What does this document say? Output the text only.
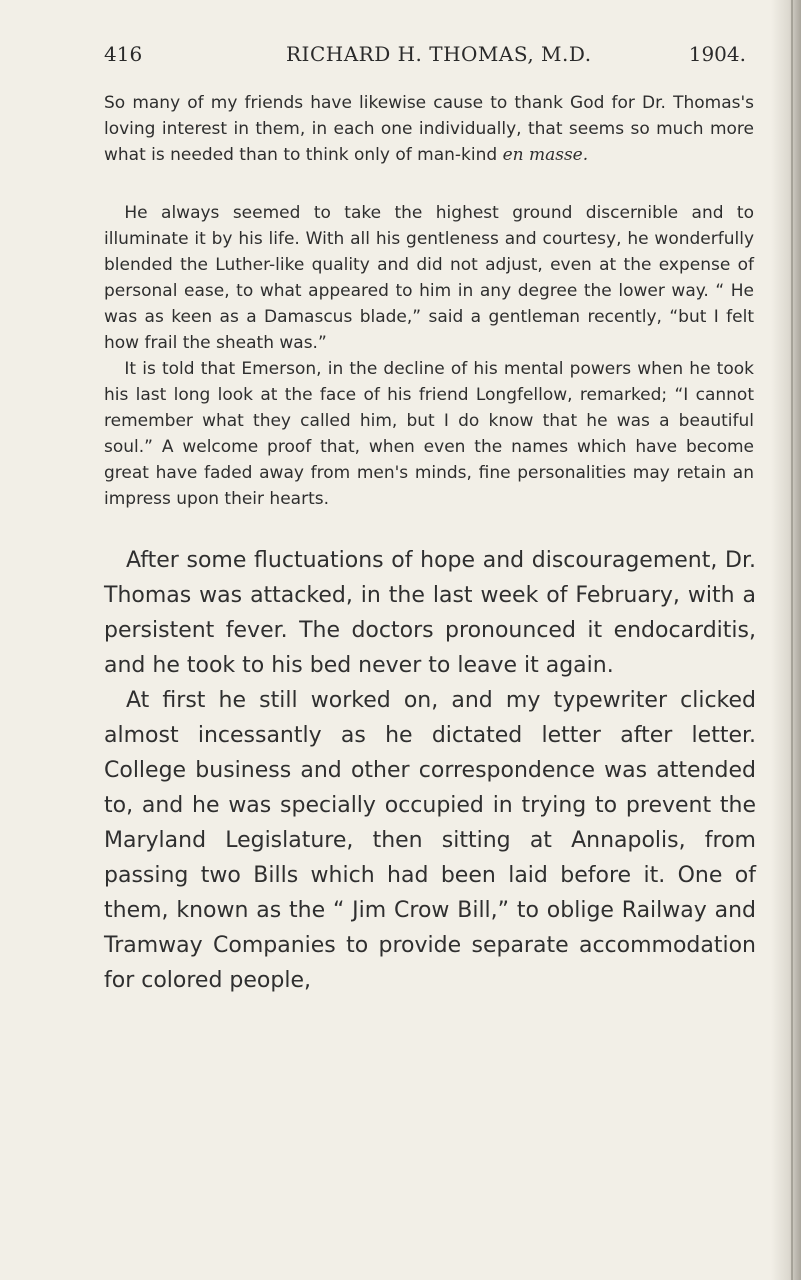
416	RICHARD H. THOMAS, M.D.	1904.

So many of my friends have likewise cause to thank God for Dr. Thomas's loving interest in them, in each one individually, that seems so much more what is needed than to think only of man-kind en masse.

He always seemed to take the highest ground discernible and to illuminate it by his life. With all his gentleness and courtesy, he wonderfully blended the Luther-like quality and did not adjust, even at the expense of personal ease, to what appeared to him in any degree the lower way. “ He was as keen as a Damascus blade,” said a gentleman recently, “but I felt how frail the sheath was.”

It is told that Emerson, in the decline of his mental powers when he took his last long look at the face of his friend Longfellow, remarked; “I cannot remember what they called him, but I do know that he was a beautiful soul.” A welcome proof that, when even the names which have become great have faded away from men's minds, fine personalities may retain an impress upon their hearts.

After some fluctuations of hope and discouragement, Dr. Thomas was attacked, in the last week of February, with a persistent fever. The doctors pronounced it endocarditis, and he took to his bed never to leave it again.

At first he still worked on, and my typewriter clicked almost incessantly as he dictated letter after letter. College business and other correspondence was attended to, and he was specially occupied in trying to prevent the Maryland Legislature, then sitting at Annapolis, from passing two Bills which had been laid before it. One of them, known as the “ Jim Crow Bill,” to oblige Railway and Tramway Companies to provide separate accommodation for colored people,
